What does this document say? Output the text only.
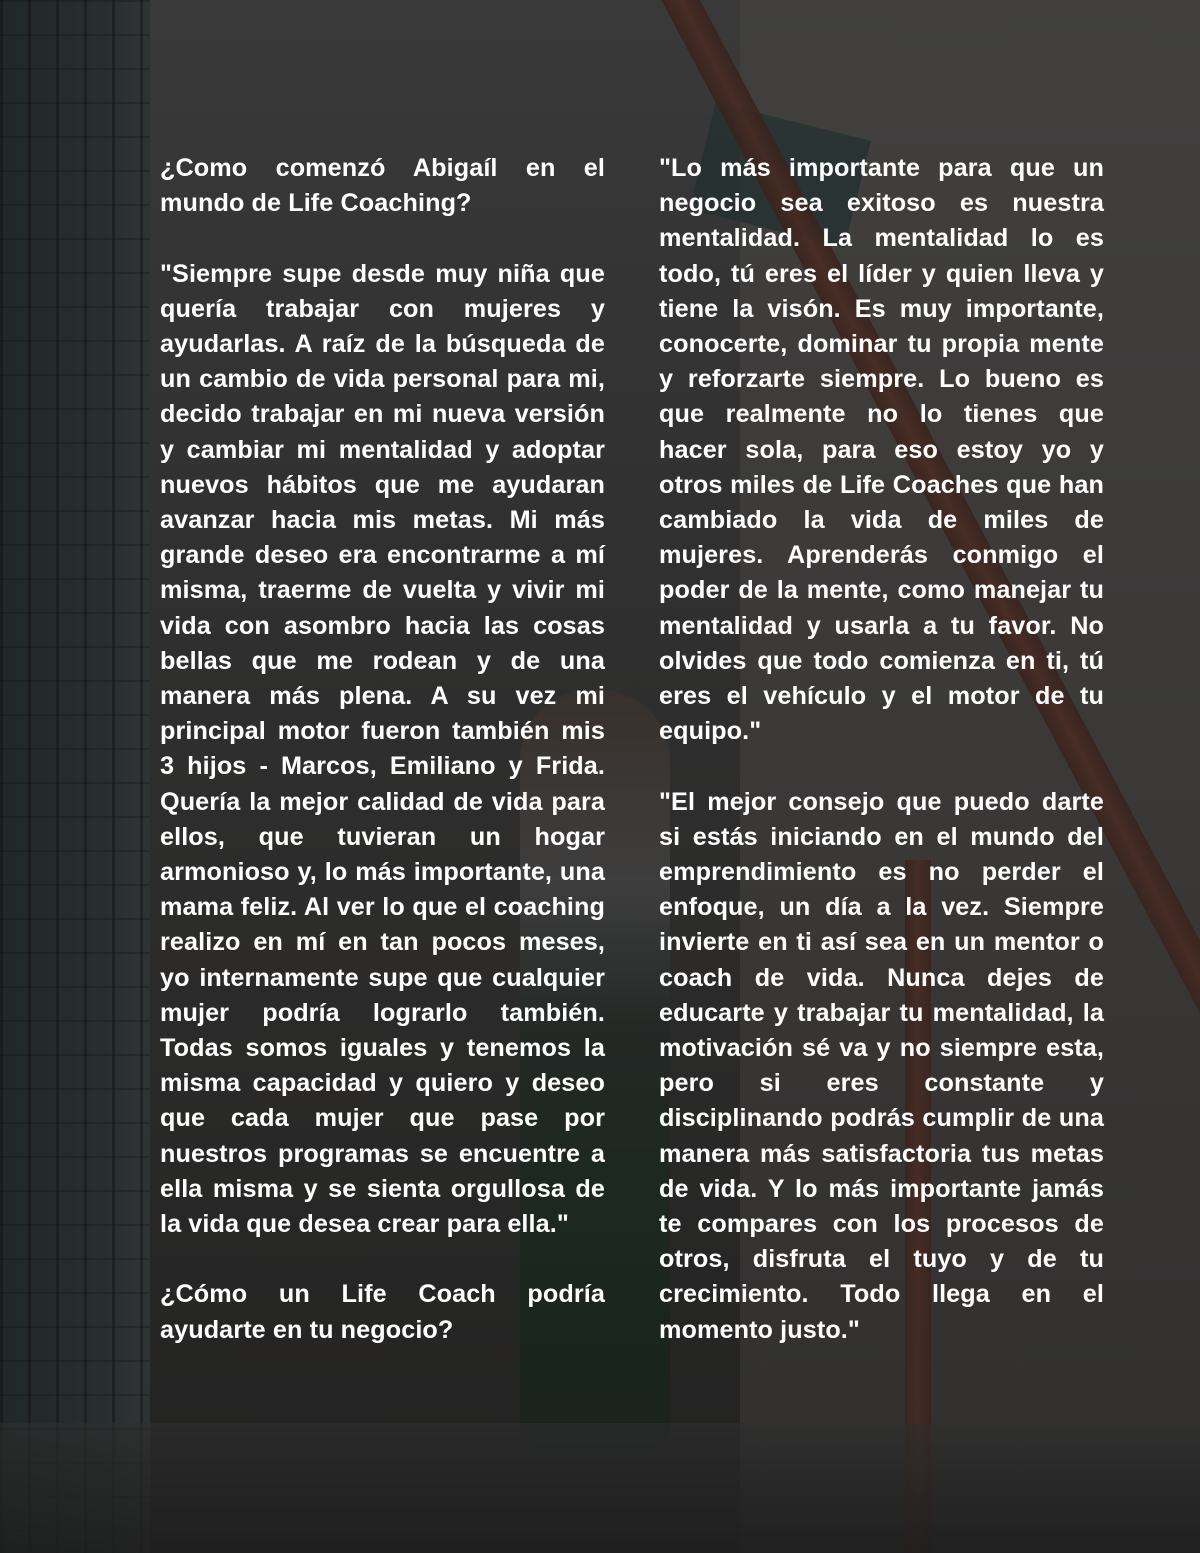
¿Como comenzó Abigaíl en el mundo de Life Coaching?

"Siempre supe desde muy niña que quería trabajar con mujeres y ayudarlas. A raíz de la búsqueda de un cambio de vida personal para mi, decido trabajar en mi nueva versión y cambiar mi mentalidad y adoptar nuevos hábitos que me ayudaran avanzar hacia mis metas. Mi más grande deseo era encontrarme a mí misma, traerme de vuelta y vivir mi vida con asombro hacia las cosas bellas que me rodean y de una manera más plena. A su vez mi principal motor fueron también mis 3 hijos - Marcos, Emiliano y Frida. Quería la mejor calidad de vida para ellos, que tuvieran un hogar armonioso y, lo más importante, una mama feliz. Al ver lo que el coaching realizo en mí en tan pocos meses, yo internamente supe que cualquier mujer podría lograrlo también. Todas somos iguales y tenemos la misma capacidad y quiero y deseo que cada mujer que pase por nuestros programas se encuentre a ella misma y se sienta orgullosa de la vida que desea crear para ella."

¿Cómo un Life Coach podría ayudarte en tu negocio?

"Lo más importante para que un negocio sea exitoso es nuestra mentalidad. La mentalidad lo es todo, tú eres el líder y quien lleva y tiene la visón. Es muy importante, conocerte, dominar tu propia mente y reforzarte siempre. Lo bueno es que realmente no lo tienes que hacer sola, para eso estoy yo y otros miles de Life Coaches que han cambiado la vida de miles de mujeres. Aprenderás conmigo el poder de la mente, como manejar tu mentalidad y usarla a tu favor. No olvides que todo comienza en ti, tú eres el vehículo y el motor de tu equipo."

"El mejor consejo que puedo darte si estás iniciando en el mundo del emprendimiento es no perder el enfoque, un día a la vez. Siempre invierte en ti así sea en un mentor o coach de vida. Nunca dejes de educarte y trabajar tu mentalidad, la motivación sé va y no siempre esta, pero si eres constante y disciplinando podrás cumplir de una manera más satisfactoria tus metas de vida. Y lo más importante jamás te compares con los procesos de otros, disfruta el tuyo y de tu crecimiento. Todo llega en el momento justo."
